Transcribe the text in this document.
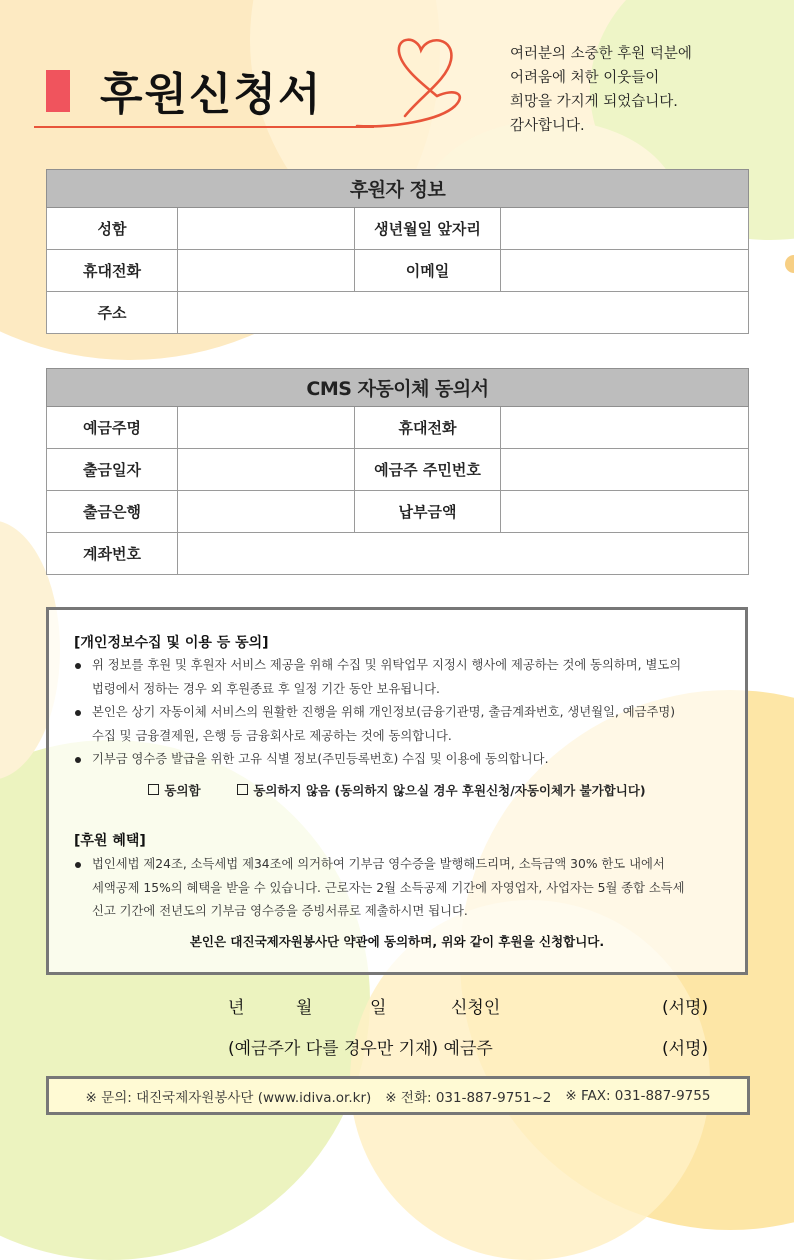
후원신청서
여러분의 소중한 후원 덕분에
어려움에 처한 이웃들이
희망을 가지게 되었습니다.
감사합니다.
후원자 정보			
성함		생년월일 앞자리	
휴대전화		이메일	
주소			
CMS 자동이체 동의서			
예금주명		휴대전화	
출금일자		예금주 주민번호	
출금은행		납부금액	
계좌번호			
[개인정보수집 및 이용 등 동의]
위 정보를 후원 및 후원자 서비스 제공을 위해 수집 및 위탁업무 지정시 행사에 제공하는 것에 동의하며, 별도의
법령에서 정하는 경우 외 후원종료 후 일정 기간 동안 보유됩니다.
본인은 상기 자동이체 서비스의 원활한 진행을 위해 개인정보(금융기관명, 출금계좌번호, 생년월일, 예금주명)
수집 및 금융결제원, 은행 등 금융회사로 제공하는 것에 동의합니다.
기부금 영수증 발급을 위한 고유 식별 정보(주민등록번호) 수집 및 이용에 동의합니다.
동의함	동의하지 않음 (동의하지 않으실 경우 후원신청/자동이체가 불가합니다)
[후원 혜택]
법인세법 제24조, 소득세법 제34조에 의거하여 기부금 영수증을 발행해드리며, 소득금액 30% 한도 내에서
세액공제 15%의 혜택을 받을 수 있습니다. 근로자는 2월 소득공제 기간에 자영업자, 사업자는 5월 종합 소득세
신고 기간에 전년도의 기부금 영수증을 증빙서류로 제출하시면 됩니다.
본인은 대진국제자원봉사단 약관에 동의하며, 위와 같이 후원을 신청합니다.
년	월	일	신청인	(서명)
(예금주가 다를 경우만 기재) 예금주	(서명)
※ 문의: 대진국제자원봉사단 (www.idiva.or.kr) ※ 전화: 031-887-9751~2 ※ FAX: 031-887-9755
